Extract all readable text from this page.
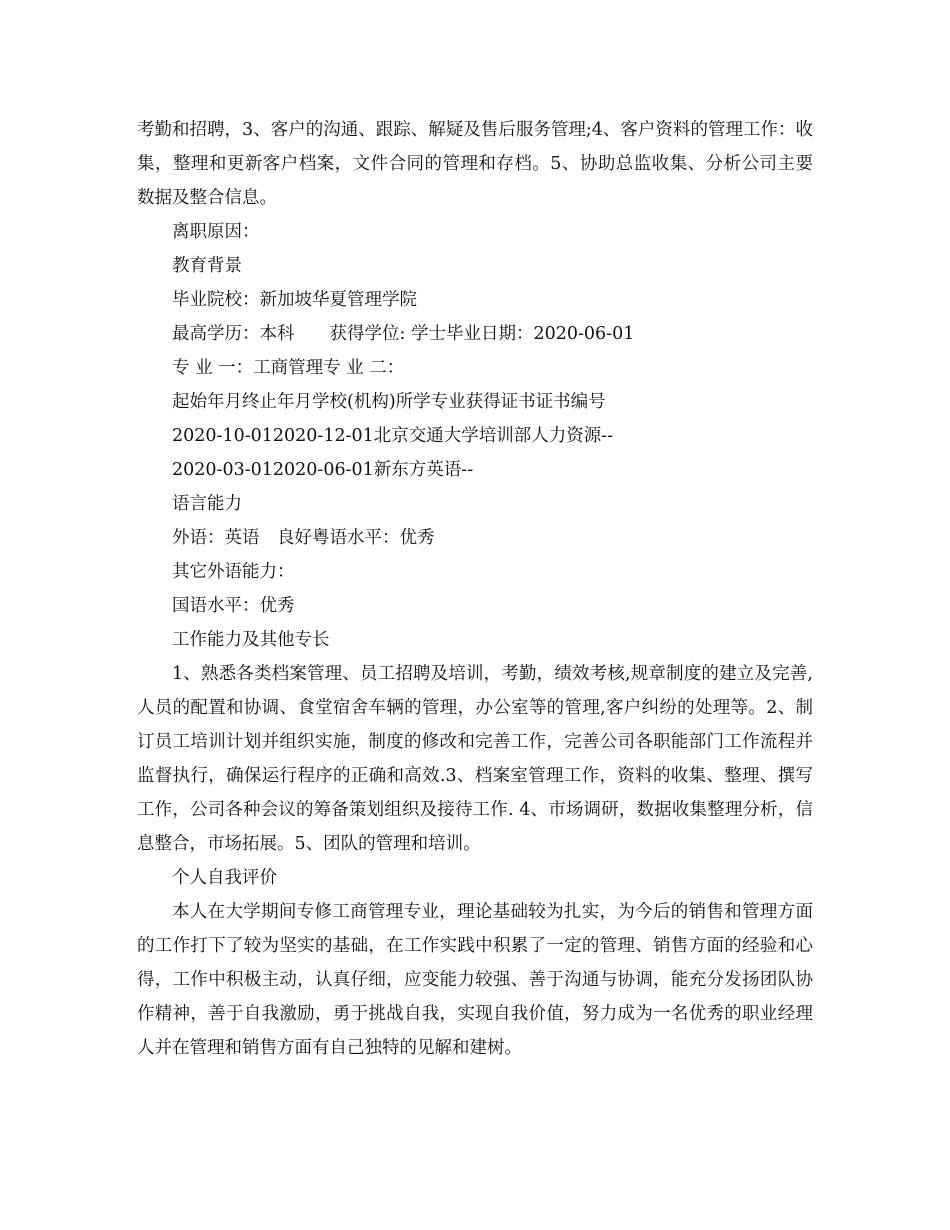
考勤和招聘，3、客户的沟通、跟踪、解疑及售后服务管理;4、客户资料的管理工作：收集，整理和更新客户档案，文件合同的管理和存档。5、协助总监收集、分析公司主要数据及整合信息。

离职原因：

教育背景

毕业院校：新加坡华夏管理学院

最高学历：本科　　获得学位: 学士毕业日期：2020-06-01

专 业 一：工商管理专 业 二：

起始年月终止年月学校(机构)所学专业获得证书证书编号

2020-10-012020-12-01北京交通大学培训部人力资源--

2020-03-012020-06-01新东方英语--

语言能力

外语：英语　良好粤语水平：优秀

其它外语能力：

国语水平：优秀

工作能力及其他专长

1、熟悉各类档案管理、员工招聘及培训，考勤，绩效考核,规章制度的建立及完善,人员的配置和协调、食堂宿舍车辆的管理，办公室等的管理,客户纠纷的处理等。2、制订员工培训计划并组织实施，制度的修改和完善工作，完善公司各职能部门工作流程并监督执行，确保运行程序的正确和高效.3、档案室管理工作，资料的收集、整理、撰写工作，公司各种会议的筹备策划组织及接待工作. 4、市场调研，数据收集整理分析，信息整合，市场拓展。5、团队的管理和培训。

个人自我评价

本人在大学期间专修工商管理专业，理论基础较为扎实，为今后的销售和管理方面的工作打下了较为坚实的基础，在工作实践中积累了一定的管理、销售方面的经验和心得，工作中积极主动，认真仔细，应变能力较强、善于沟通与协调，能充分发扬团队协作精神，善于自我激励，勇于挑战自我，实现自我价值，努力成为一名优秀的职业经理人并在管理和销售方面有自己独特的见解和建树。
